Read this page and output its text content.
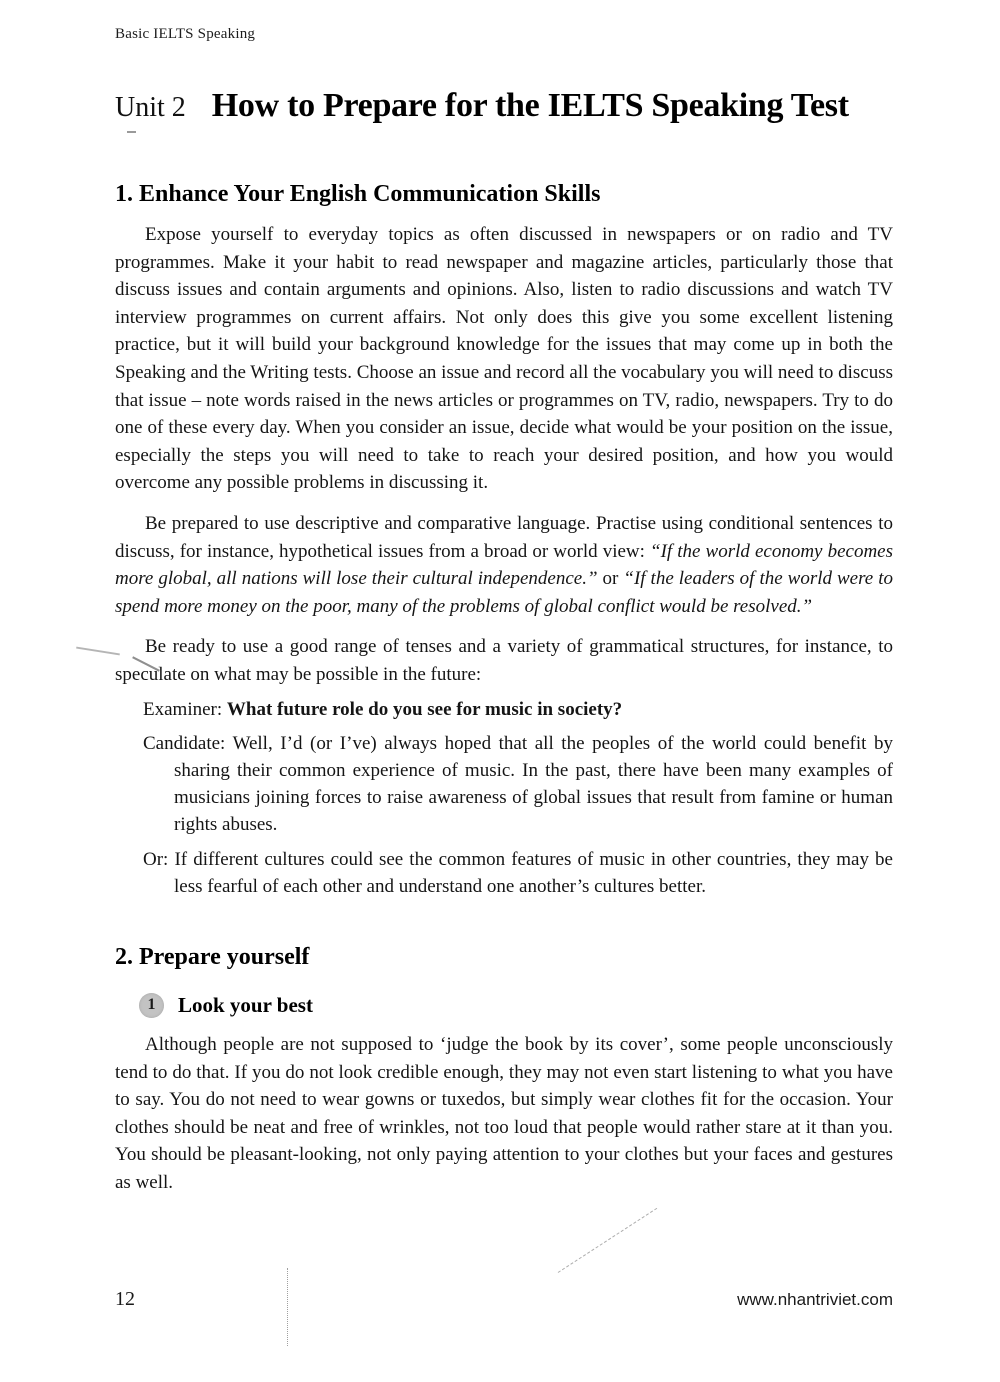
Basic IELTS Speaking
Unit 2 How to Prepare for the IELTS Speaking Test
1. Enhance Your English Communication Skills

Expose yourself to everyday topics as often discussed in newspapers or on radio and TV programmes. Make it your habit to read newspaper and magazine articles, particularly those that discuss issues and contain arguments and opinions. Also, listen to radio discussions and watch TV interview programmes on current affairs. Not only does this give you some excellent listening practice, but it will build your background knowledge for the issues that may come up in both the Speaking and the Writing tests. Choose an issue and record all the vocabulary you will need to discuss that issue – note words raised in the news articles or programmes on TV, radio, newspapers. Try to do one of these every day. When you consider an issue, decide what would be your position on the issue, especially the steps you will need to take to reach your desired position, and how you would overcome any possible problems in discussing it.

Be prepared to use descriptive and comparative language. Practise using conditional sentences to discuss, for instance, hypothetical issues from a broad or world view: “If the world economy becomes more global, all nations will lose their cultural independence.” or “If the leaders of the world were to spend more money on the poor, many of the problems of global conflict would be resolved.”

Be ready to use a good range of tenses and a variety of grammatical structures, for instance, to speculate on what may be possible in the future:

Examiner: What future role do you see for music in society?

Candidate: Well, I’d (or I’ve) always hoped that all the peoples of the world could benefit by sharing their common experience of music. In the past, there have been many examples of musicians joining forces to raise awareness of global issues that result from famine or human rights abuses.

Or: If different cultures could see the common features of music in other countries, they may be less fearful of each other and understand one another’s cultures better.

2. Prepare yourself
1	Look your best

Although people are not supposed to ‘judge the book by its cover’, some people unconsciously tend to do that. If you do not look credible enough, they may not even start listening to what you have to say. You do not need to wear gowns or tuxedos, but simply wear clothes fit for the occasion. Your clothes should be neat and free of wrinkles, not too loud that people would rather stare at it than you. You should be pleasant-looking, not only paying attention to your clothes but your faces and gestures as well.

12	www.nhantriviet.com
